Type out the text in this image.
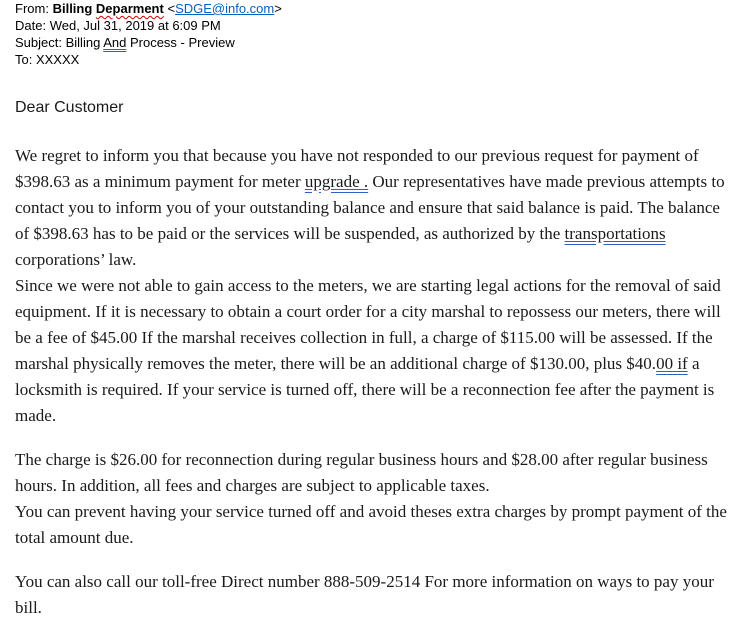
From: Billing Deparment <SDGE@info.com>
Date: Wed, Jul 31, 2019 at 6:09 PM
Subject: Billing And Process - Preview
To: XXXXX
Dear Customer

We regret to inform you that because you have not responded to our previous request for payment of $398.63 as a minimum payment for meter upgrade . Our representatives have made previous attempts to contact you to inform you of your outstanding balance and ensure that said balance is paid. The balance of $398.63 has to be paid or the services will be suspended, as authorized by the transportations corporations’ law.

Since we were not able to gain access to the meters, we are starting legal actions for the removal of said equipment. If it is necessary to obtain a court order for a city marshal to repossess our meters, there will be a fee of $45.00 If the marshal receives collection in full, a charge of $115.00 will be assessed. If the marshal physically removes the meter, there will be an additional charge of $130.00, plus $40.00 if a locksmith is required. If your service is turned off, there will be a reconnection fee after the payment is made.

The charge is $26.00 for reconnection during regular business hours and $28.00 after regular business hours. In addition, all fees and charges are subject to applicable taxes.

You can prevent having your service turned off and avoid theses extra charges by prompt payment of the total amount due.

You can also call our toll-free Direct number 888-509-2514 For more information on ways to pay your bill.
